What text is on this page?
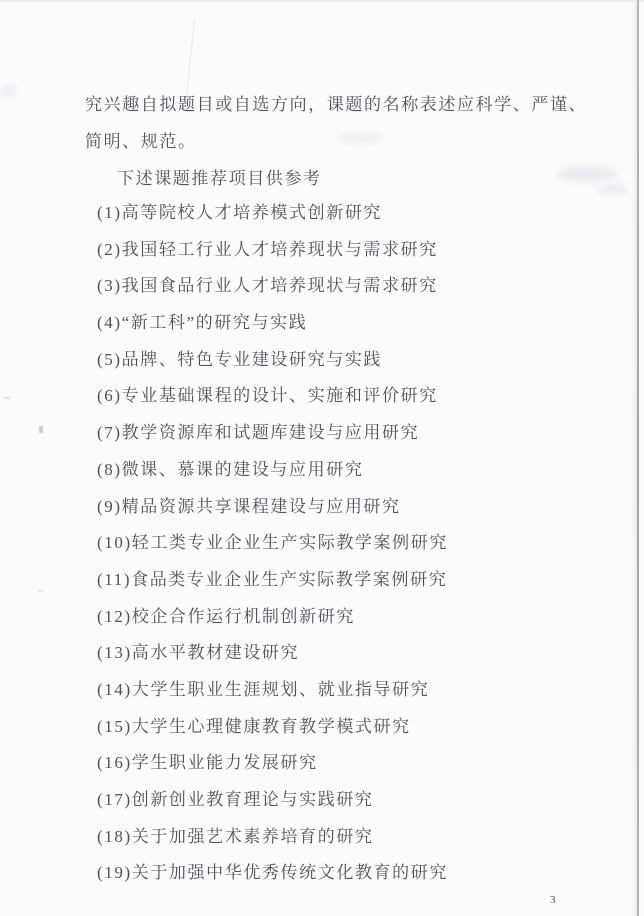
究兴趣自拟题目或自选方向，课题的名称表述应科学、严谨、
简明、规范。
下述课题推荐项目供参考
(1)高等院校人才培养模式创新研究
(2)我国轻工行业人才培养现状与需求研究
(3)我国食品行业人才培养现状与需求研究
(4)“新工科”的研究与实践
(5)品牌、特色专业建设研究与实践
(6)专业基础课程的设计、实施和评价研究
(7)教学资源库和试题库建设与应用研究
(8)微课、慕课的建设与应用研究
(9)精品资源共享课程建设与应用研究
(10)轻工类专业企业生产实际教学案例研究
(11)食品类专业企业生产实际教学案例研究
(12)校企合作运行机制创新研究
(13)高水平教材建设研究
(14)大学生职业生涯规划、就业指导研究
(15)大学生心理健康教育教学模式研究
(16)学生职业能力发展研究
(17)创新创业教育理论与实践研究
(18)关于加强艺术素养培育的研究
(19)关于加强中华优秀传统文化教育的研究
3
